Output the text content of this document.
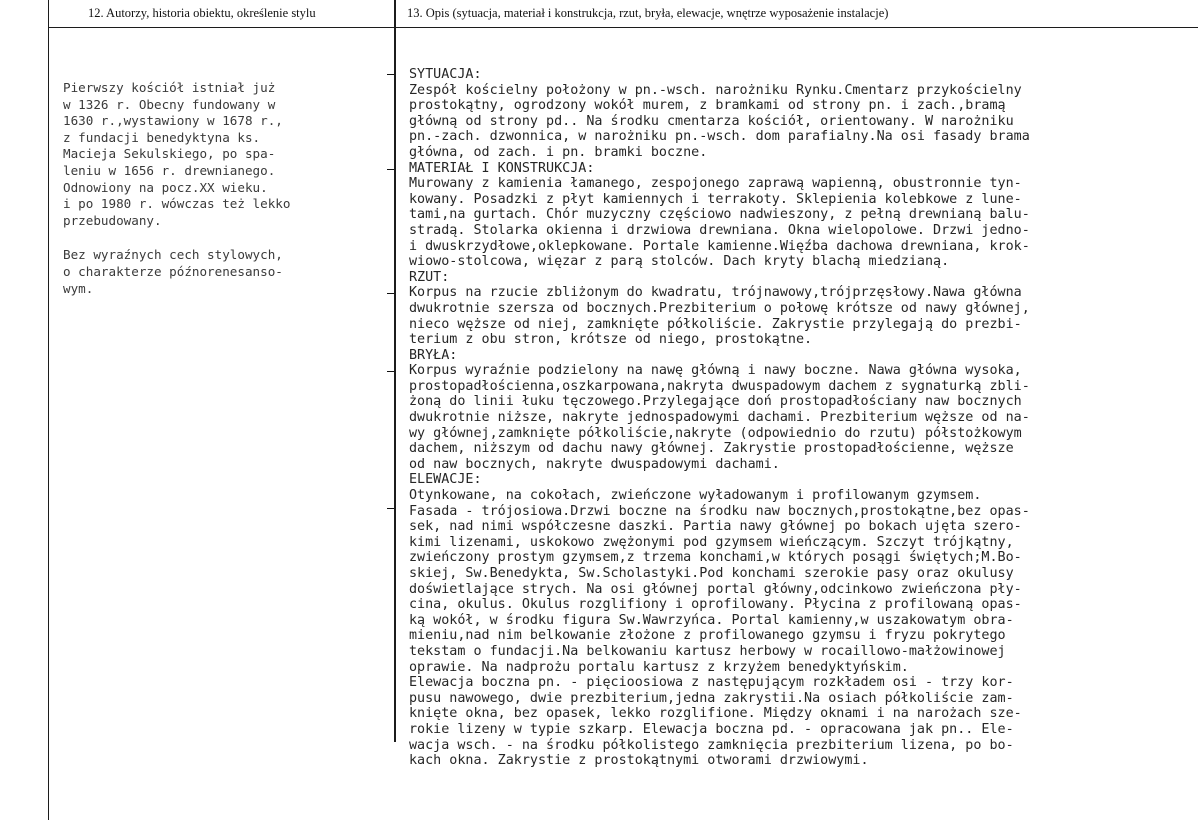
12. Autorzy, historia obiektu, określenie stylu	13. Opis (sytuacja, materiał i konstrukcja, rzut, bryła, elewacje, wnętrze wyposażenie instalacje)
Pierwszy kościół istniał już
w 1326 r. Obecny fundowany w
1630 r.,wystawiony w 1678 r.,
z fundacji benedyktyna ks.
Macieja Sekulskiego, po spa-
leniu w 1656 r. drewnianego.
Odnowiony na pocz.XX wieku.
i po 1980 r. wówczas też lekko
przebudowany.
Bez wyraźnych cech stylowych,
o charakterze późnorenesanso-
wym.
SYTUACJA:
Zespół kościelny położony w pn.-wsch. narożniku Rynku.Cmentarz przykościelny
prostokątny, ogrodzony wokół murem, z bramkami od strony pn. i zach.,bramą
główną od strony pd.. Na środku cmentarza kościół, orientowany. W narożniku
pn.-zach. dzwonnica, w narożniku pn.-wsch. dom parafialny.Na osi fasady brama
główna, od zach. i pn. bramki boczne.
MATERIAŁ I KONSTRUKCJA:
Murowany z kamienia łamanego, zespojonego zaprawą wapienną, obustronnie tyn-
kowany. Posadzki z płyt kamiennych i terrakoty. Sklepienia kolebkowe z lune-
tami,na gurtach. Chór muzyczny częściowo nadwieszony, z pełną drewnianą balu-
stradą. Stolarka okienna i drzwiowa drewniana. Okna wielopolowe. Drzwi jedno-
i dwuskrzydłowe,oklepkowane. Portale kamienne.Więźba dachowa drewniana, krok-
wiowo-stolcowa, więzar z parą stolców. Dach kryty blachą miedzianą.
RZUT:
Korpus na rzucie zbliżonym do kwadratu, trójnawowy,trójprzęsłowy.Nawa główna
dwukrotnie szersza od bocznych.Prezbiterium o połowę krótsze od nawy głównej,
nieco węższe od niej, zamknięte półkoliście. Zakrystie przylegają do prezbi-
terium z obu stron, krótsze od niego, prostokątne.
BRYŁA:
Korpus wyraźnie podzielony na nawę główną i nawy boczne. Nawa główna wysoka,
prostopadłościenna,oszkarpowana,nakryta dwuspadowym dachem z sygnaturką zbli-
żoną do linii łuku tęczowego.Przylegające doń prostopadłościany naw bocznych
dwukrotnie niższe, nakryte jednospadowymi dachami. Prezbiterium węższe od na-
wy głównej,zamknięte półkoliście,nakryte (odpowiednio do rzutu) półstożkowym
dachem, niższym od dachu nawy głównej. Zakrystie prostopadłościenne, węższe
od naw bocznych, nakryte dwuspadowymi dachami.
ELEWACJE:
Otynkowane, na cokołach, zwieńczone wyładowanym i profilowanym gzymsem.
Fasada - trójosiowa.Drzwi boczne na środku naw bocznych,prostokątne,bez opas-
sek, nad nimi współczesne daszki. Partia nawy głównej po bokach ujęta szero-
kimi lizenami, uskokowo zwężonymi pod gzymsem wieńczącym. Szczyt trójkątny,
zwieńczony prostym gzymsem,z trzema konchami,w których posągi świętych;M.Bo-
skiej, Sw.Benedykta, Sw.Scholastyki.Pod konchami szerokie pasy oraz okulusy
doświetlające strych. Na osi głównej portal główny,odcinkowo zwieńczona pły-
cina, okulus. Okulus rozglifiony i oprofilowany. Płycina z profilowaną opas-
ką wokół, w środku figura Sw.Wawrzyńca. Portal kamienny,w uszakowatym obra-
mieniu,nad nim belkowanie złożone z profilowanego gzymsu i fryzu pokrytego
tekstam o fundacji.Na belkowaniu kartusz herbowy w rocaillowo-małżowinowej
oprawie. Na nadprożu portalu kartusz z krzyżem benedyktyńskim.
Elewacja boczna pn. - pięcioosiowa z następującym rozkładem osi - trzy kor-
pusu nawowego, dwie prezbiterium,jedna zakrystii.Na osiach półkoliście zam-
knięte okna, bez opasek, lekko rozglifione. Między oknami i na narożach sze-
rokie lizeny w typie szkarp. Elewacja boczna pd. - opracowana jak pn.. Ele-
wacja wsch. - na środku półkolistego zamknięcia prezbiterium lizena, po bo-
kach okna. Zakrystie z prostokątnymi otworami drzwiowymi.
